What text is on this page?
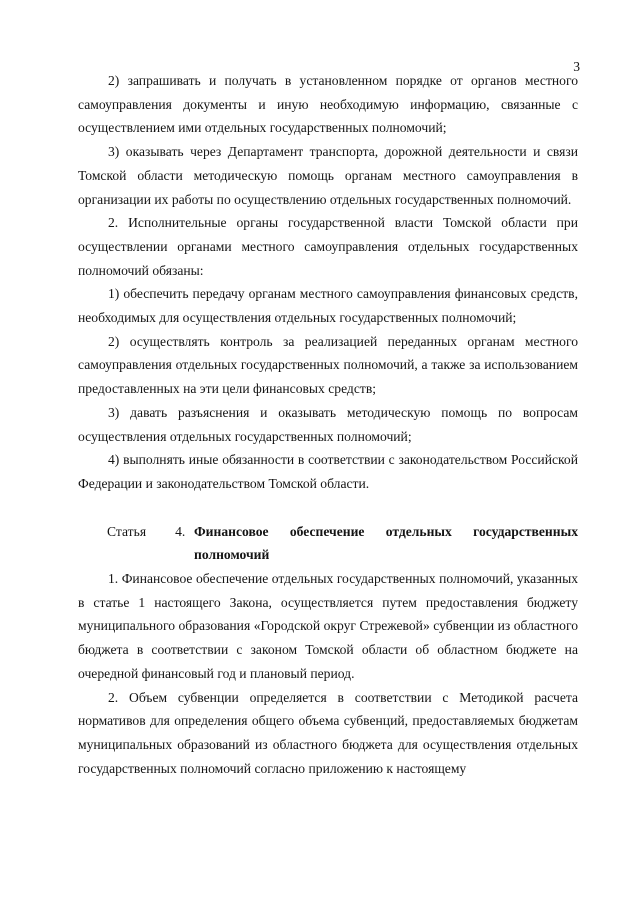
3

2) запрашивать и получать в установленном порядке от органов местного самоуправления документы и иную необходимую информацию, связанные с осуществлением ими отдельных государственных полномочий;

3) оказывать через Департамент транспорта, дорожной деятельности и связи Томской области методическую помощь органам местного самоуправления в организации их работы по осуществлению отдельных государственных полномочий.

2. Исполнительные органы государственной власти Томской области при осуществлении органами местного самоуправления отдельных государственных полномочий обязаны:

1) обеспечить передачу органам местного самоуправления финансовых средств, необходимых для осуществления отдельных государственных полномочий;

2) осуществлять контроль за реализацией переданных органам местного самоуправления отдельных государственных полномочий, а также за использованием предоставленных на эти цели финансовых средств;

3) давать разъяснения и оказывать методическую помощь по вопросам осуществления отдельных государственных полномочий;

4) выполнять иные обязанности в соответствии с законодательством Российской Федерации и законодательством Томской области.

Статья	4. Финансовое обеспечение отдельных государственных полномочий

1. Финансовое обеспечение отдельных государственных полномочий, указанных в статье 1 настоящего Закона, осуществляется путем предоставления бюджету муниципального образования «Городской округ Стрежевой» субвенции из областного бюджета в соответствии с законом Томской области об областном бюджете на очередной финансовый год и плановый период.

2. Объем субвенции определяется в соответствии с Методикой расчета нормативов для определения общего объема субвенций, предоставляемых бюджетам муниципальных образований из областного бюджета для осуществления отдельных государственных полномочий согласно приложению к настоящему
